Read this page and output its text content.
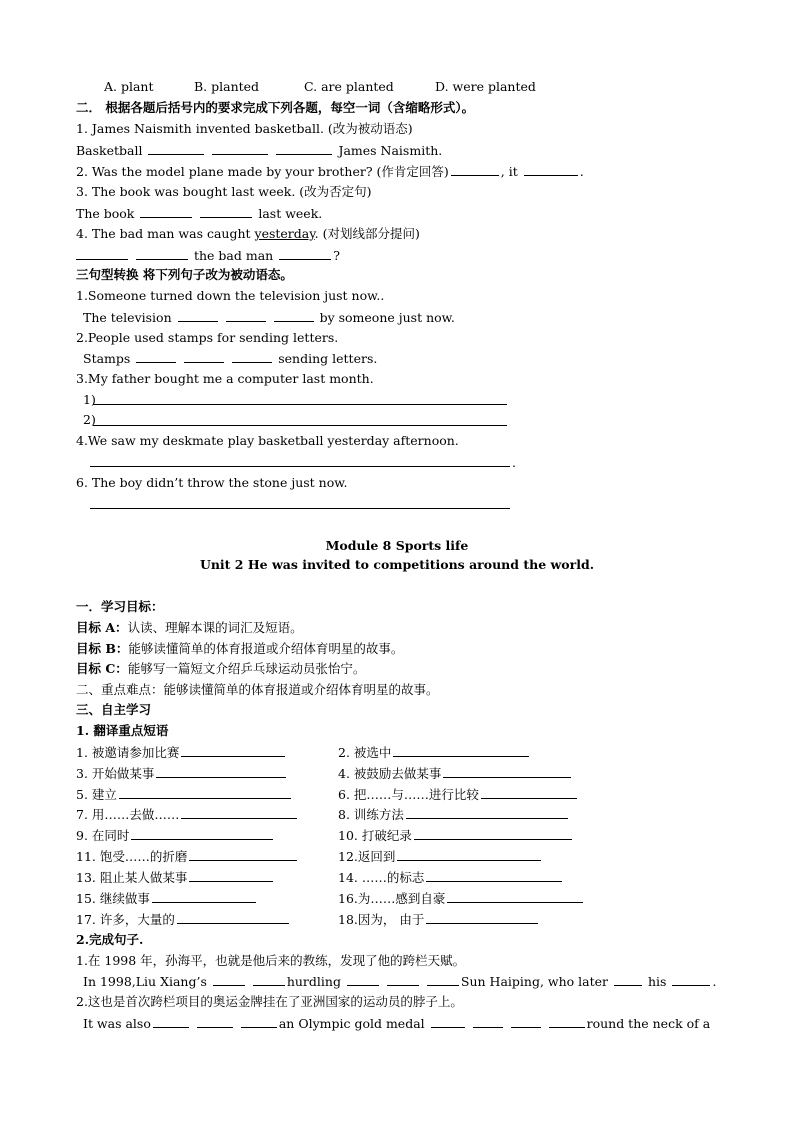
A. plant	B. planted	C. are planted	D. were planted
二． 根据各题后括号内的要求完成下列各题，每空一词（含缩略形式）。
1. James Naismith invented basketball. (改为被动语态)
Basketball	James Naismith.
2. Was the model plane made by your brother? (作肯定回答)	, it	.
3. The book was bought last week. (改为否定句)
The book	last week.
4. The bad man was caught yesterday. (对划线部分提问)
the bad man	?
三句型转换 将下列句子改为被动语态。
1.Someone turned down the television just now..
The television	by someone just now.
2.People used stamps for sending letters.
Stamps	sending letters.
3.My father bought me a computer last month.
1)
2)
4.We saw my deskmate play basketball yesterday afternoon.
.
6. The boy didn’t throw the stone just now.
Module 8 Sports life
Unit 2 He was invited to competitions around the world.
一．学习目标：
目标 A：认读、理解本课的词汇及短语。
目标 B：能够读懂简单的体育报道或介绍体育明星的故事。
目标 C：能够写一篇短文介绍乒乓球运动员张怡宁。
二、重点难点：能够读懂简单的体育报道或介绍体育明星的故事。
三、自主学习
1. 翻译重点短语
1. 被邀请参加比赛	2. 被选中
3. 开始做某事	4. 被鼓励去做某事
5. 建立	6. 把……与……进行比较
7. 用……去做……	8. 训练方法
9. 在同时	10. 打破纪录
11. 饱受……的折磨	12.返回到
13. 阻止某人做某事	14. ……的标志
15. 继续做事	16.为……感到自豪
17. 许多，大量的	18.因为， 由于
2.完成句子.
1.在 1998 年，孙海平，也就是他后来的教练，发现了他的跨栏天赋。
In 1998,Liu Xiang’s	hurdling	Sun Haiping, who later	his	.
2.这也是首次跨栏项目的奥运金牌挂在了亚洲国家的运动员的脖子上。
It was also	an Olympic gold medal	round the neck of a
